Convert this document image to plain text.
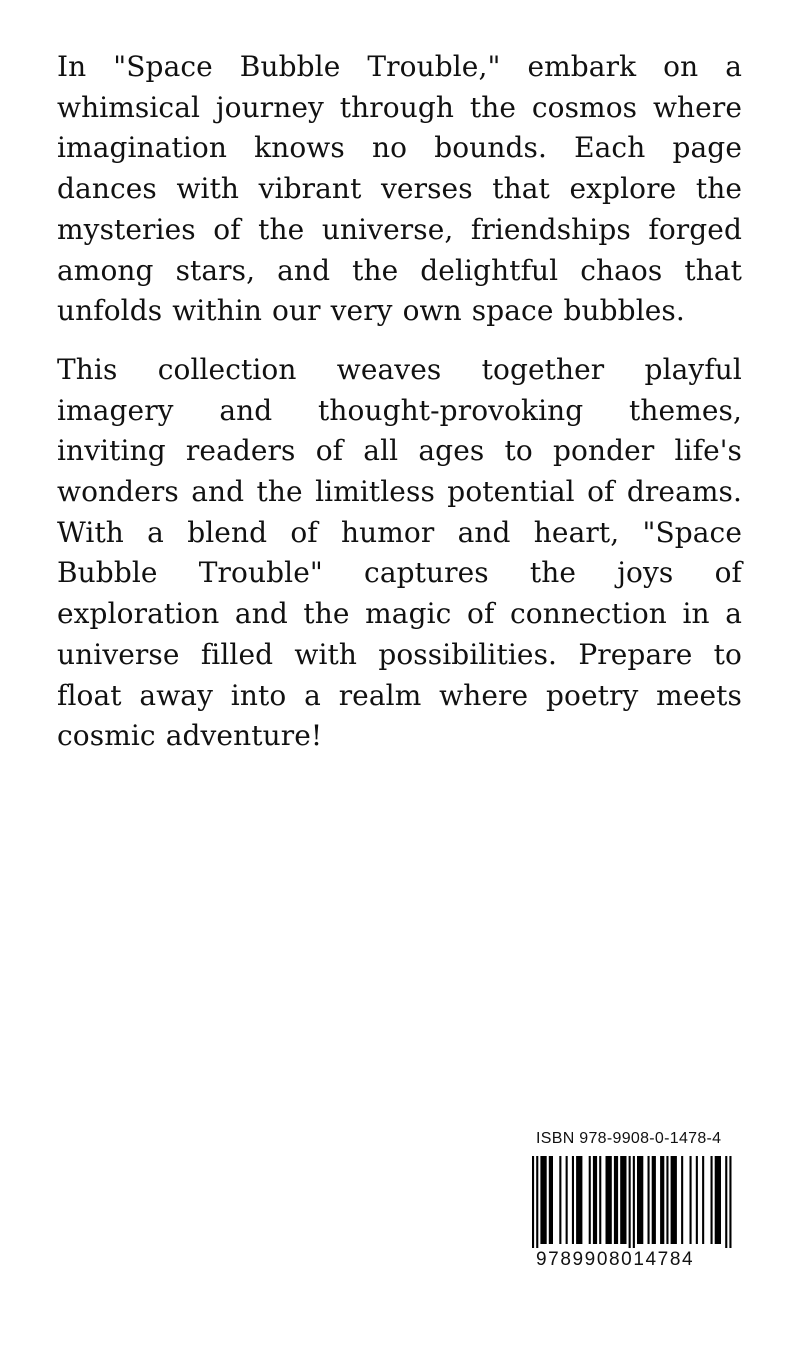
In "Space Bubble Trouble," embark on a whimsical journey through the cosmos where imagination knows no bounds. Each page dances with vibrant verses that explore the mysteries of the universe, friendships forged among stars, and the delightful chaos that unfolds within our very own space bubbles.

This collection weaves together playful imagery and thought-provoking themes, inviting readers of all ages to ponder life's wonders and the limitless potential of dreams. With a blend of humor and heart, "Space Bubble Trouble" captures the joys of exploration and the magic of connection in a universe filled with possibilities. Prepare to float away into a realm where poetry meets cosmic adventure!

ISBN 978-9908-0-1478-4
9789908014784
